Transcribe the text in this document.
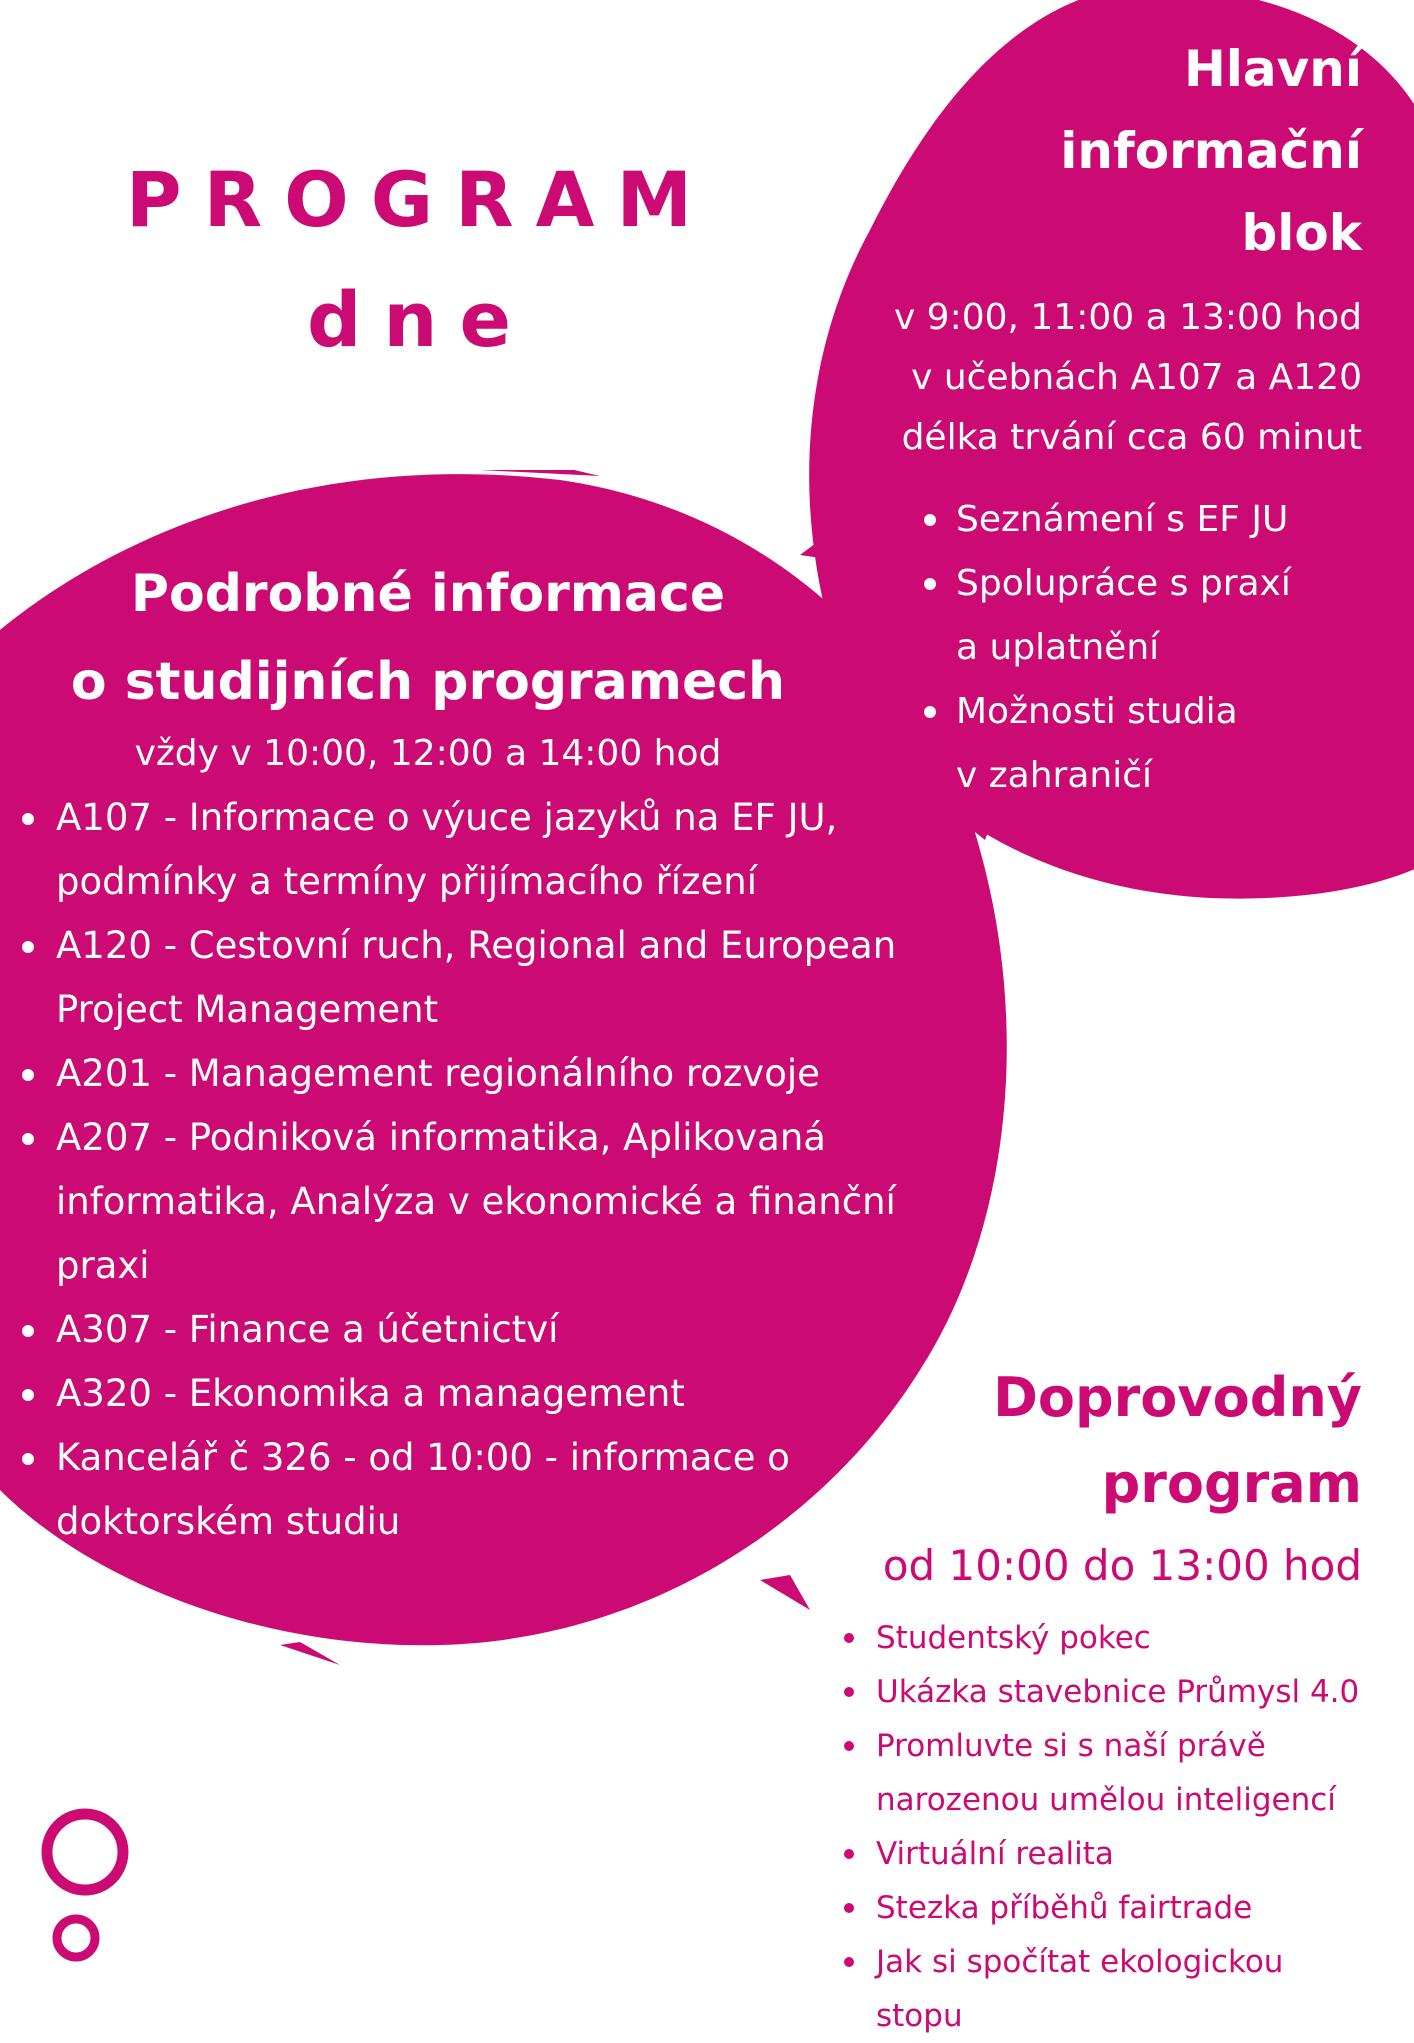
PROGRAM
dne
Hlavní
informační
blok
v 9:00, 11:00 a 13:00 hod
v učebnách A107 a A120
délka trvání cca 60 minut
Seznámení s EF JU
Spolupráce s praxí
a uplatnění
Možnosti studia
v zahraničí
Podrobné informace
o studijních programech
vždy v 10:00, 12:00 a 14:00 hod
A107 - Informace o výuce jazyků na EF JU,
podmínky a termíny přijímacího řízení
A120 - Cestovní ruch, Regional and European
Project Management
A201 - Management regionálního rozvoje
A207 - Podniková informatika, Aplikovaná
informatika, Analýza v ekonomické a finanční
praxi
A307 - Finance a účetnictví
A320 - Ekonomika a management
Kancelář č 326 - od 10:00 - informace o
doktorském studiu
Doprovodný
program
od 10:00 do 13:00 hod
Studentský pokec
Ukázka stavebnice Průmysl 4.0
Promluvte si s naší právě
narozenou umělou inteligencí
Virtuální realita
Stezka příběhů fairtrade
Jak si spočítat ekologickou stopu
